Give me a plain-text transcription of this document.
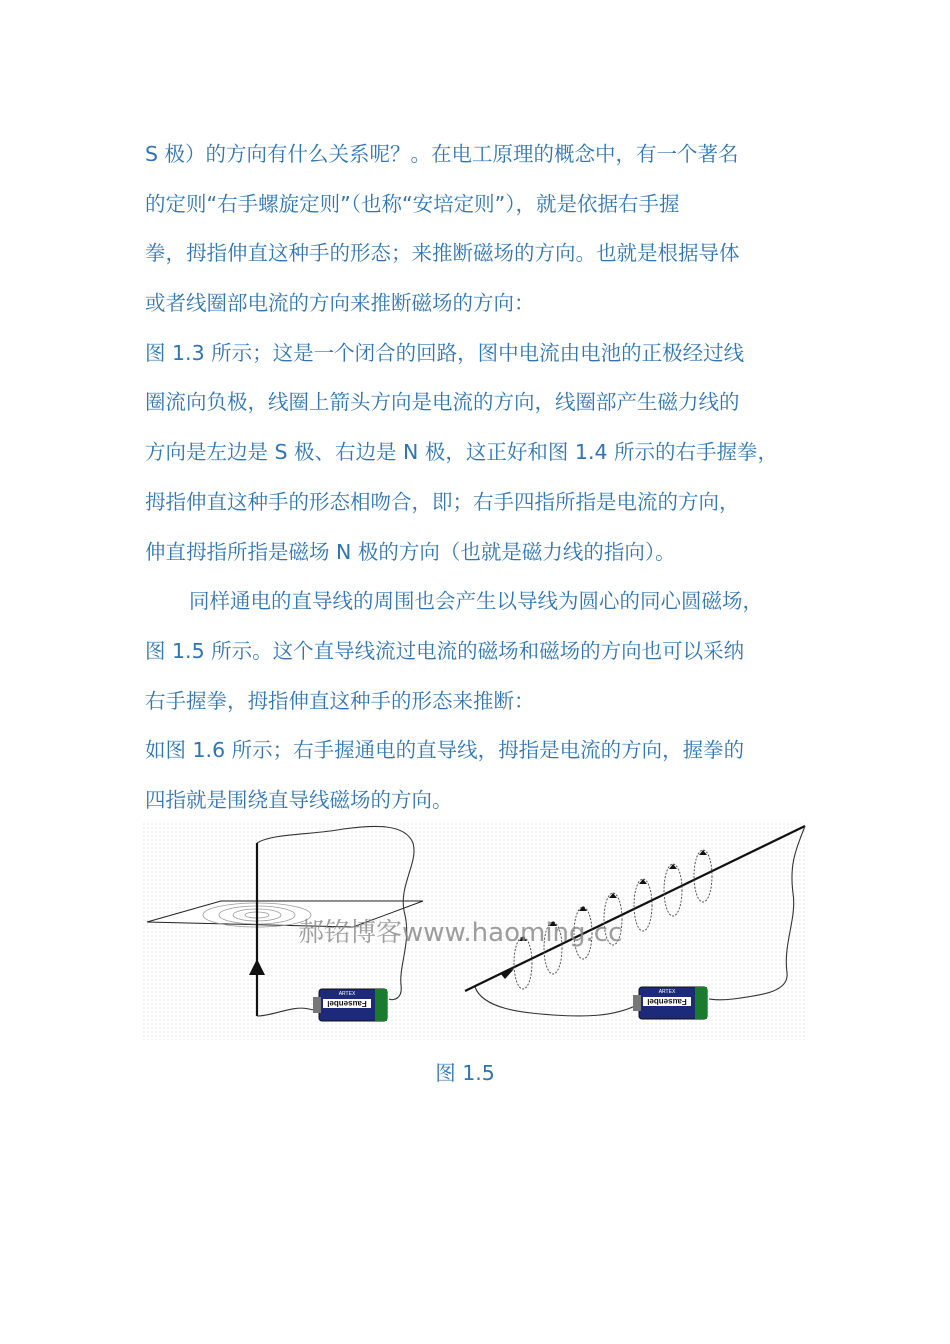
S 极）的方向有什么关系呢？。在电工原理的概念中，有一个著名
的定则“右手螺旋定则”（也称“安培定则”），就是依据右手握
拳，拇指伸直这种手的形态；来推断磁场的方向。也就是根据导体
或者线圈部电流的方向来推断磁场的方向：
图 1.3 所示；这是一个闭合的回路，图中电流由电池的正极经过线
圈流向负极，线圈上箭头方向是电流的方向，线圈部产生磁力线的
方向是左边是 S 极、右边是 N 极，这正好和图 1.4 所示的右手握拳，
拇指伸直这种手的形态相吻合，即；右手四指所指是电流的方向，
伸直拇指所指是磁场 N 极的方向（也就是磁力线的指向）。
同样通电的直导线的周围也会产生以导线为圆心的同心圆磁场，
图 1.5 所示。这个直导线流过电流的磁场和磁场的方向也可以采纳
右手握拳，拇指伸直这种手的形态来推断：
如图 1.6 所示；右手握通电的直导线，拇指是电流的方向，握拳的
四指就是围绕直导线磁场的方向。
Fausenbel
ARTEX
Fausenbel
ARTEX
郝铭博客www.haoming.cc
图 1.5
